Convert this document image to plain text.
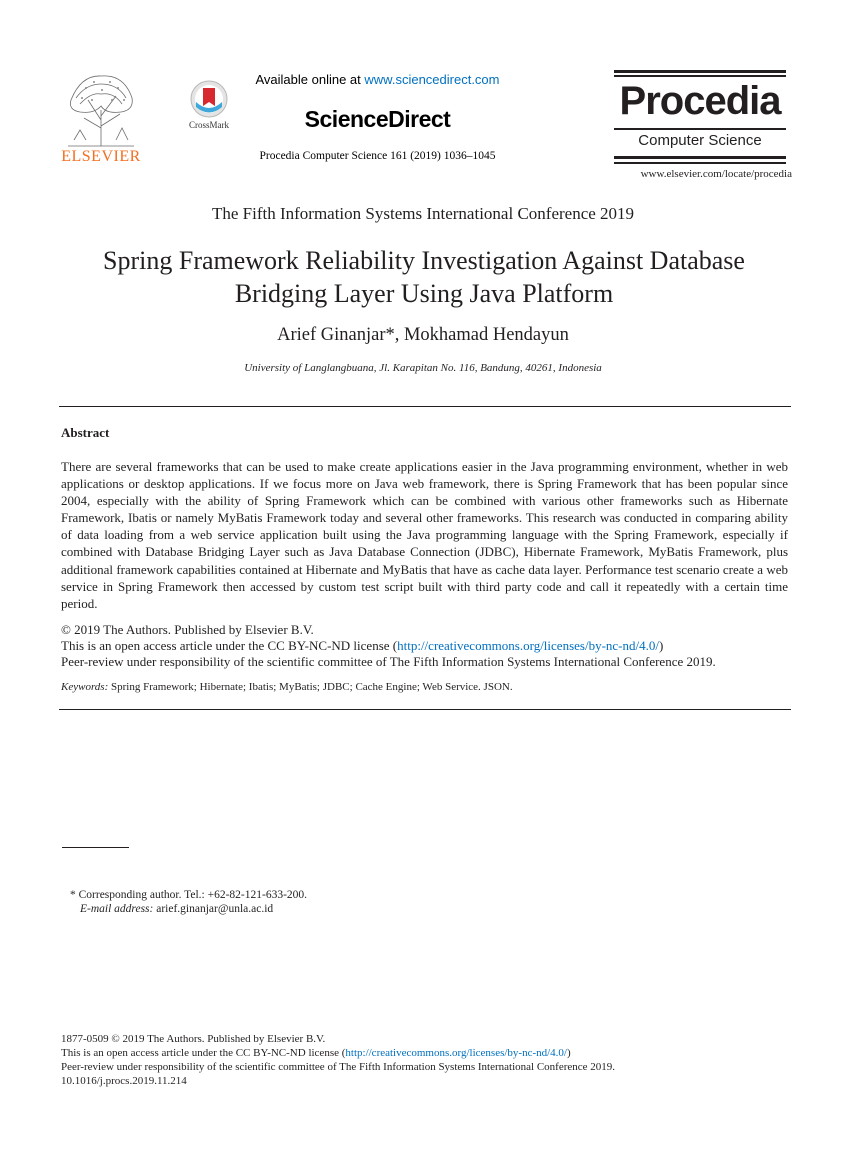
ELSEVIER
CrossMark
Available online at www.sciencedirect.com
ScienceDirect
Procedia Computer Science 161 (2019) 1036–1045
Procedia
Computer Science
www.elsevier.com/locate/procedia
The Fifth Information Systems International Conference 2019
Spring Framework Reliability Investigation Against Database
Bridging Layer Using Java Platform
Arief Ginanjar*, Mokhamad Hendayun
University of Langlangbuana, Jl. Karapitan No. 116, Bandung, 40261, Indonesia
Abstract
There are several frameworks that can be used to make create applications easier in the Java programming environment, whether in web applications or desktop applications. If we focus more on Java web framework, there is Spring Framework that has been popular since 2004, especially with the ability of Spring Framework which can be combined with various other frameworks such as Hibernate Framework, Ibatis or namely MyBatis Framework today and several other frameworks. This research was conducted in comparing ability of data loading from a web service application built using the Java programming language with the Spring Framework, especially if combined with Database Bridging Layer such as Java Database Connection (JDBC), Hibernate Framework, MyBatis Framework, plus additional framework capabilities contained at Hibernate and MyBatis that have as cache data layer. Performance test scenario create a web service in Spring Framework then accessed by custom test script built with third party code and call it repeatedly with a certain time period.
© 2019 The Authors. Published by Elsevier B.V.
This is an open access article under the CC BY-NC-ND license (http://creativecommons.org/licenses/by-nc-nd/4.0/)
Peer-review under responsibility of the scientific committee of The Fifth Information Systems International Conference 2019.
Keywords: Spring Framework; Hibernate; Ibatis; MyBatis; JDBC; Cache Engine; Web Service. JSON.
* Corresponding author. Tel.: +62-82-121-633-200.
E-mail address: arief.ginanjar@unla.ac.id
1877-0509 © 2019 The Authors. Published by Elsevier B.V.
This is an open access article under the CC BY-NC-ND license (http://creativecommons.org/licenses/by-nc-nd/4.0/)
Peer-review under responsibility of the scientific committee of The Fifth Information Systems International Conference 2019.
10.1016/j.procs.2019.11.214
